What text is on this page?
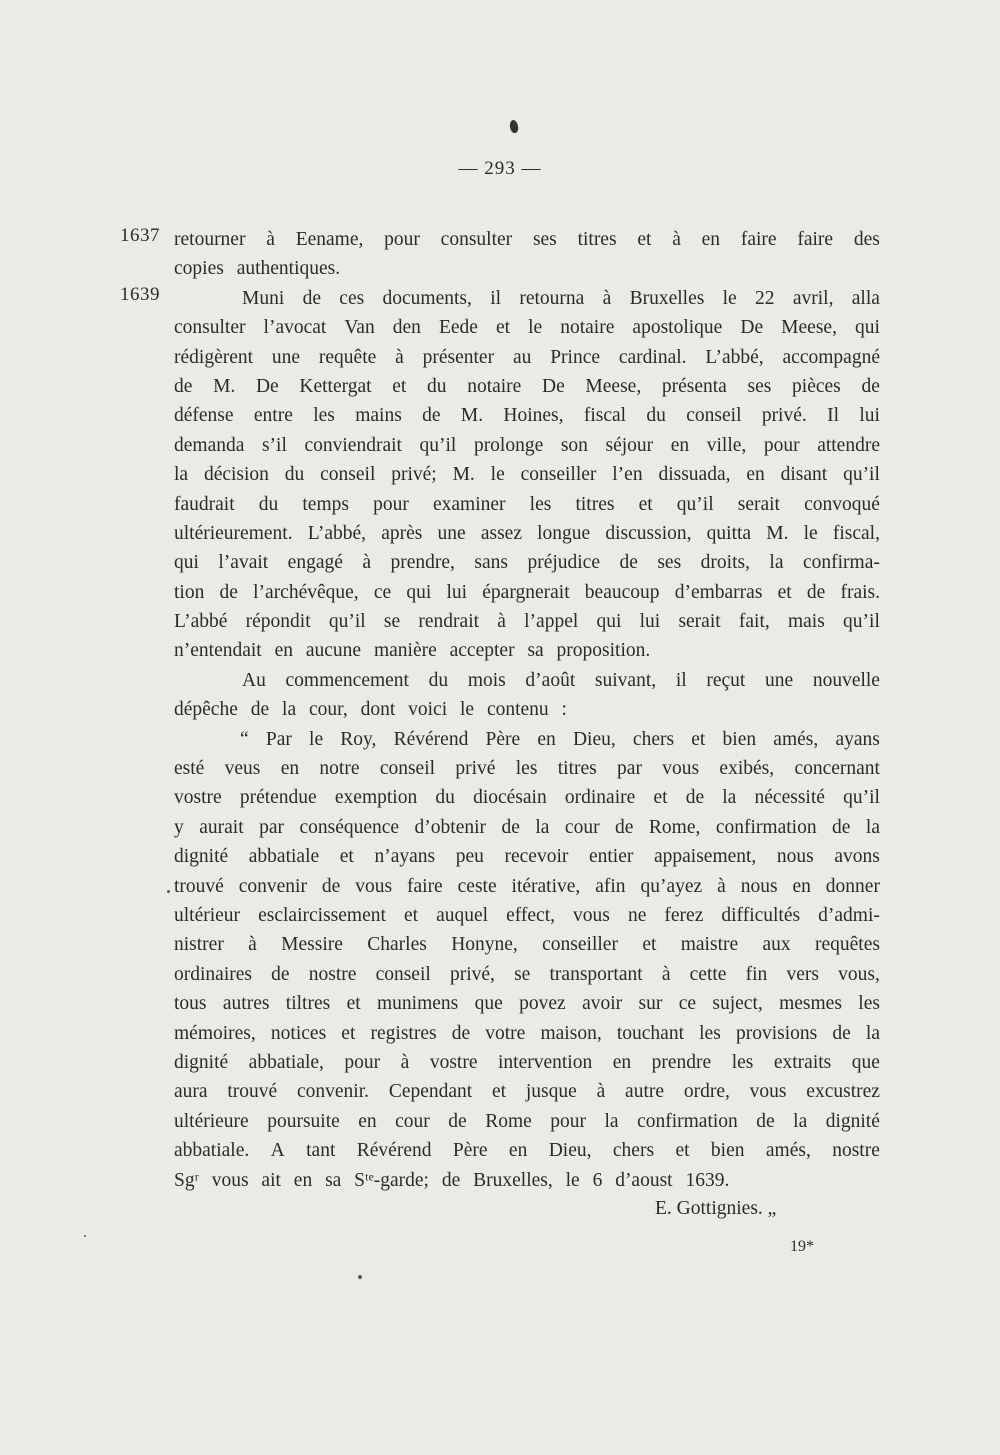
— 293 —
1637
1639
retourner à Eename, pour consulter ses titres et à en faire faire des
copies authentiques.
Muni de ces documents, il retourna à Bruxelles le 22 avril, alla
consulter l’avocat Van den Eede et le notaire apostolique De Meese, qui
rédigèrent une requête à présenter au Prince cardinal. L’abbé, accompagné
de M. De Kettergat et du notaire De Meese, présenta ses pièces de
défense entre les mains de M. Hoines, fiscal du conseil privé. Il lui
demanda s’il conviendrait qu’il prolonge son séjour en ville, pour attendre
la décision du conseil privé; M. le conseiller l’en dissuada, en disant qu’il
faudrait du temps pour examiner les titres et qu’il serait convoqué
ultérieurement. L’abbé, après une assez longue discussion, quitta M. le fiscal,
qui l’avait engagé à prendre, sans préjudice de ses droits, la confirma-
tion de l’archévêque, ce qui lui épargnerait beaucoup d’embarras et de frais.
L’abbé répondit qu’il se rendrait à l’appel qui lui serait fait, mais qu’il
n’entendait en aucune manière accepter sa proposition.
Au commencement du mois d’août suivant, il reçut une nouvelle
dépêche de la cour, dont voici le contenu :
“ Par le Roy, Révérend Père en Dieu, chers et bien amés, ayans
esté veus en notre conseil privé les titres par vous exibés, concernant
vostre prétendue exemption du diocésain ordinaire et de la nécessité qu’il
y aurait par conséquence d’obtenir de la cour de Rome, confirmation de la
dignité abbatiale et n’ayans peu recevoir entier appaisement, nous avons
trouvé convenir de vous faire ceste itérative, afin qu’ayez à nous en donner
ultérieur esclaircissement et auquel effect, vous ne ferez difficultés d’admi-
nistrer à Messire Charles Honyne, conseiller et maistre aux requêtes
ordinaires de nostre conseil privé, se transportant à cette fin vers vous,
tous autres tiltres et munimens que povez avoir sur ce suject, mesmes les
mémoires, notices et registres de votre maison, touchant les provisions de la
dignité abbatiale, pour à vostre intervention en prendre les extraits que
aura trouvé convenir. Cependant et jusque à autre ordre, vous excustrez
ultérieure poursuite en cour de Rome pour la confirmation de la dignité
abbatiale. A tant Révérend Père en Dieu, chers et bien amés, nostre
Sgʳ vous ait en sa Sᵗᵉ-garde; de Bruxelles, le 6 d’aoust 1639.
E. Gottignies. „
19*
